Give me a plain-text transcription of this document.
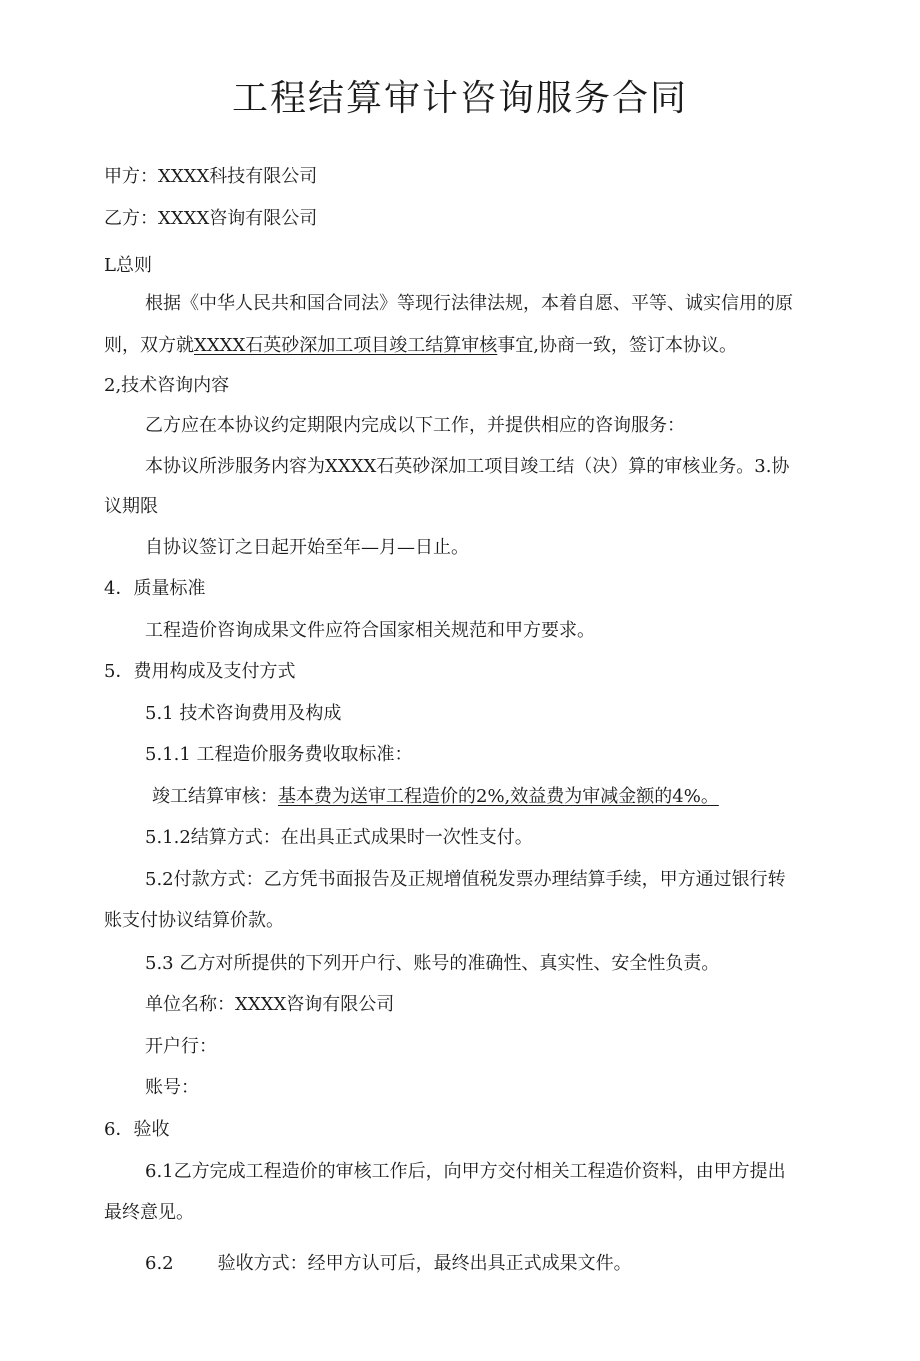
工程结算审计咨询服务合同

甲方：XXXX科技有限公司

乙方：XXXX咨询有限公司

L总则

根据《中华人民共和国合同法》等现行法律法规，本着自愿、平等、诚实信用的原

则，双方就XXXX石英砂深加工项目竣工结算审核事宜,协商一致，签订本协议。

2,技术咨询内容

乙方应在本协议约定期限内完成以下工作，并提供相应的咨询服务：

本协议所涉服务内容为XXXX石英砂深加工项目竣工结（决）算的审核业务。3.协

议期限

自协议签订之日起开始至年—月—日止。

4．质量标准

工程造价咨询成果文件应符合国家相关规范和甲方要求。

5．费用构成及支付方式

5.1 技术咨询费用及构成

5.1.1 工程造价服务费收取标准：

竣工结算审核：基本费为送审工程造价的2%,效益费为审减金额的4%。

5.1.2结算方式：在出具正式成果时一次性支付。

5.2付款方式：乙方凭书面报告及正规增值税发票办理结算手续，甲方通过银行转

账支付协议结算价款。

5.3 乙方对所提供的下列开户行、账号的准确性、真实性、安全性负责。

单位名称：XXXX咨询有限公司

开户行：

账号：

6．验收

6.1乙方完成工程造价的审核工作后，向甲方交付相关工程造价资料，由甲方提出

最终意见。

6.2 验收方式：经甲方认可后，最终出具正式成果文件。
